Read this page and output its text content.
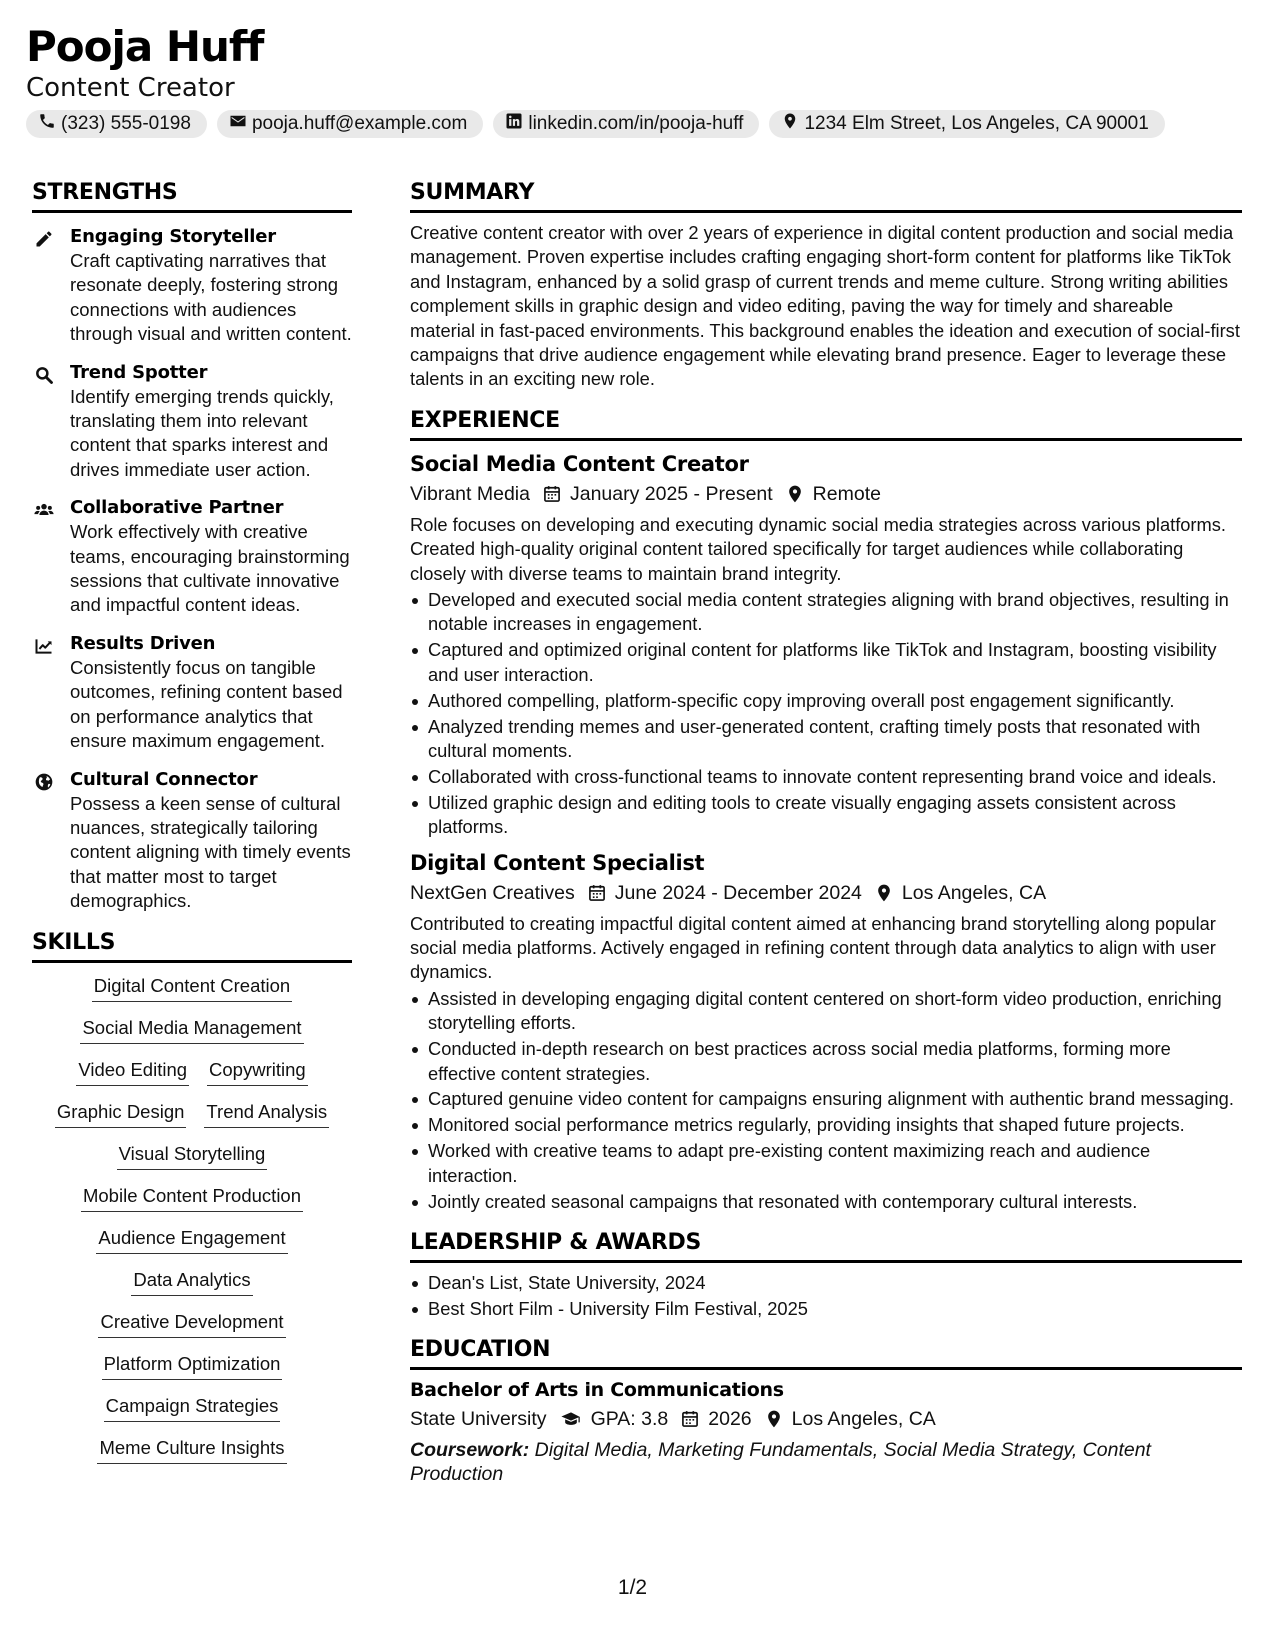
Pooja Huff
Content Creator
(323) 555-0198	pooja.huff@example.com	linkedin.com/in/pooja-huff	1234 Elm Street, Los Angeles, CA 90001
STRENGTHS
Engaging Storyteller
Craft captivating narratives that resonate deeply, fostering strong connections with audiences through visual and written content.
Trend Spotter
Identify emerging trends quickly, translating them into relevant content that sparks interest and drives immediate user action.
Collaborative Partner
Work effectively with creative teams, encouraging brainstorming sessions that cultivate innovative and impactful content ideas.
Results Driven
Consistently focus on tangible outcomes, refining content based on performance analytics that ensure maximum engagement.
Cultural Connector
Possess a keen sense of cultural nuances, strategically tailoring content aligning with timely events that matter most to target demographics.
SKILLS
Digital Content Creation
Social Media Management
Video Editing Copywriting
Graphic Design Trend Analysis
Visual Storytelling
Mobile Content Production
Audience Engagement
Data Analytics
Creative Development
Platform Optimization
Campaign Strategies
Meme Culture Insights
SUMMARY
Creative content creator with over 2 years of experience in digital content production and social media management. Proven expertise includes crafting engaging short-form content for platforms like TikTok and Instagram, enhanced by a solid grasp of current trends and meme culture. Strong writing abilities complement skills in graphic design and video editing, paving the way for timely and shareable material in fast-paced environments. This background enables the ideation and execution of social-first campaigns that drive audience engagement while elevating brand presence. Eager to leverage these talents in an exciting new role.
EXPERIENCE
Social Media Content Creator
Vibrant Media January 2025 - Present Remote
Role focuses on developing and executing dynamic social media strategies across various platforms. Created high-quality original content tailored specifically for target audiences while collaborating closely with diverse teams to maintain brand integrity.
Developed and executed social media content strategies aligning with brand objectives, resulting in notable increases in engagement.
Captured and optimized original content for platforms like TikTok and Instagram, boosting visibility and user interaction.
Authored compelling, platform-specific copy improving overall post engagement significantly.
Analyzed trending memes and user-generated content, crafting timely posts that resonated with cultural moments.
Collaborated with cross-functional teams to innovate content representing brand voice and ideals.
Utilized graphic design and editing tools to create visually engaging assets consistent across platforms.
Digital Content Specialist
NextGen Creatives June 2024 - December 2024 Los Angeles, CA
Contributed to creating impactful digital content aimed at enhancing brand storytelling along popular social media platforms. Actively engaged in refining content through data analytics to align with user dynamics.
Assisted in developing engaging digital content centered on short-form video production, enriching storytelling efforts.
Conducted in-depth research on best practices across social media platforms, forming more effective content strategies.
Captured genuine video content for campaigns ensuring alignment with authentic brand messaging.
Monitored social performance metrics regularly, providing insights that shaped future projects.
Worked with creative teams to adapt pre-existing content maximizing reach and audience interaction.
Jointly created seasonal campaigns that resonated with contemporary cultural interests.
LEADERSHIP & AWARDS
Dean's List, State University, 2024
Best Short Film - University Film Festival, 2025
EDUCATION
Bachelor of Arts in Communications
State University GPA: 3.8 2026 Los Angeles, CA
Coursework: Digital Media, Marketing Fundamentals, Social Media Strategy, Content Production
1/2
